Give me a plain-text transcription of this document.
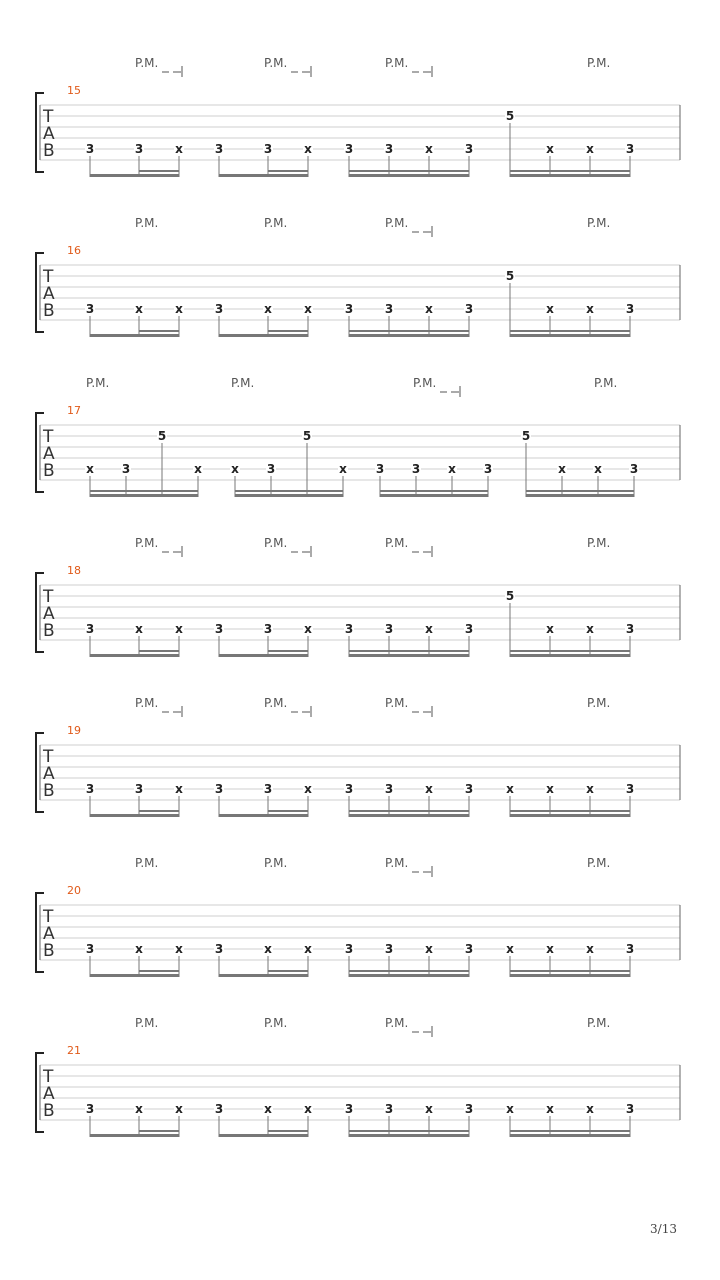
T
A
B
15
P.M.	P.M.	P.M.	P.M.
3	3	x	3	3	x	3	3	x	3
5
x	x	3
T
A
B
16
P.M.	P.M.	P.M.	P.M.
3	x	x	3	x	x	3	3	x	3
5
x	x	3
T
A
B
17
P.M.	P.M.	P.M.	P.M.
x 3
5
x x 3
5
x 3 3 x 3
5
x x 3
T
A
B
18
P.M.	P.M.	P.M.	P.M.
3	x	x	3	3	x	3	3	x	3
5
x	x	3
T
A
B
19
P.M.	P.M.	P.M.	P.M.
3	3	x	3	3	x	3	3	x	3	x	x	x	3
T
A
B
20
P.M.	P.M.	P.M.	P.M.
3	x	x	3	x	x	3	3	x	3	x	x	x	3
T
A
B
21
P.M.	P.M.	P.M.	P.M.
3	x	x	3	x	x	3	3	x	3	x	x	x	3
3/13
